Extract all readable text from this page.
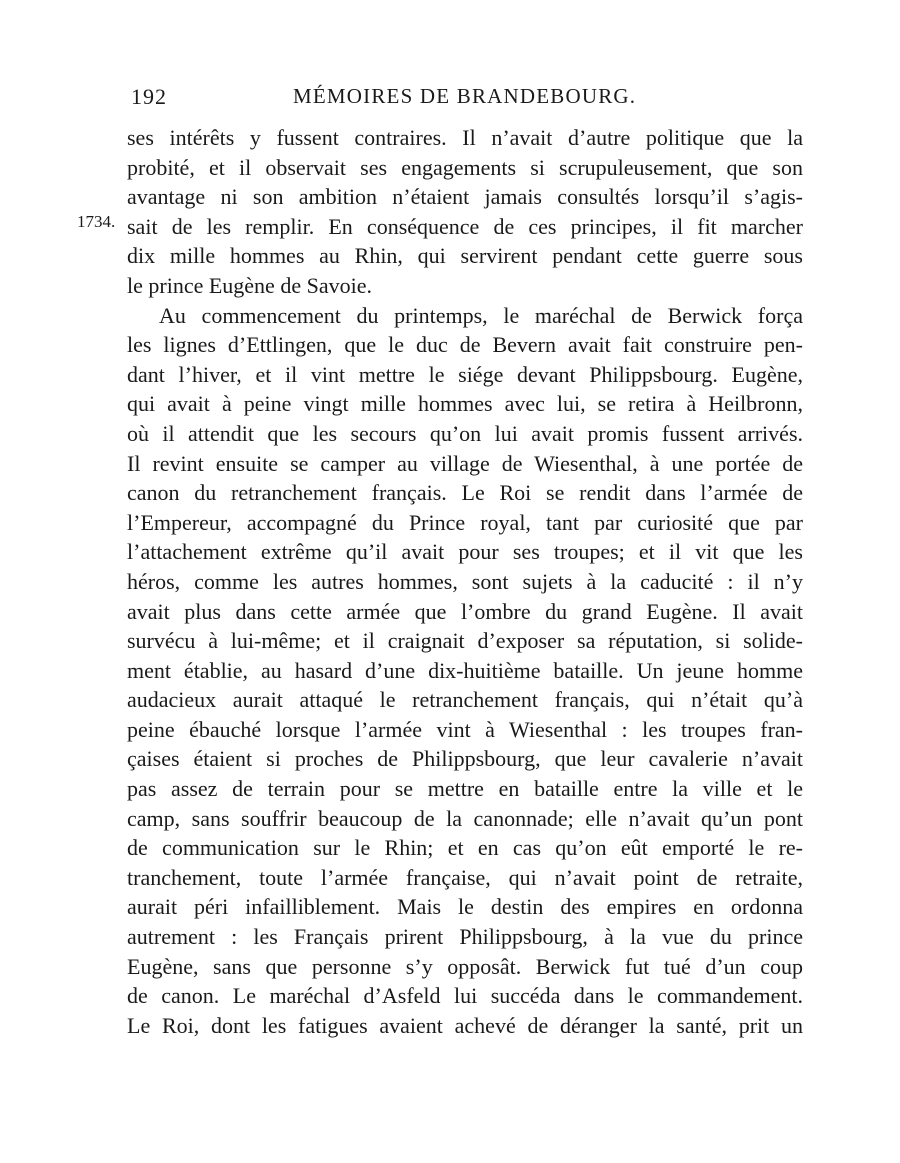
192	MÉMOIRES DE BRANDEBOURG.
1734.
ses intérêts y fussent contraires. Il n’avait d’autre politique que la
probité, et il observait ses engagements si scrupuleusement, que son
avantage ni son ambition n’étaient jamais consultés lorsqu’il s’agis-
sait de les remplir. En conséquence de ces principes, il fit marcher
dix mille hommes au Rhin, qui servirent pendant cette guerre sous
le prince Eugène de Savoie.
Au commencement du printemps, le maréchal de Berwick força
les lignes d’Ettlingen, que le duc de Bevern avait fait construire pen-
dant l’hiver, et il vint mettre le siége devant Philippsbourg. Eugène,
qui avait à peine vingt mille hommes avec lui, se retira à Heilbronn,
où il attendit que les secours qu’on lui avait promis fussent arrivés.
Il revint ensuite se camper au village de Wiesenthal, à une portée de
canon du retranchement français. Le Roi se rendit dans l’armée de
l’Empereur, accompagné du Prince royal, tant par curiosité que par
l’attachement extrême qu’il avait pour ses troupes; et il vit que les
héros, comme les autres hommes, sont sujets à la caducité : il n’y
avait plus dans cette armée que l’ombre du grand Eugène. Il avait
survécu à lui-même; et il craignait d’exposer sa réputation, si solide-
ment établie, au hasard d’une dix-huitième bataille. Un jeune homme
audacieux aurait attaqué le retranchement français, qui n’était qu’à
peine ébauché lorsque l’armée vint à Wiesenthal : les troupes fran-
çaises étaient si proches de Philippsbourg, que leur cavalerie n’avait
pas assez de terrain pour se mettre en bataille entre la ville et le
camp, sans souffrir beaucoup de la canonnade; elle n’avait qu’un pont
de communication sur le Rhin; et en cas qu’on eût emporté le re-
tranchement, toute l’armée française, qui n’avait point de retraite,
aurait péri infailliblement. Mais le destin des empires en ordonna
autrement : les Français prirent Philippsbourg, à la vue du prince
Eugène, sans que personne s’y opposât. Berwick fut tué d’un coup
de canon. Le maréchal d’Asfeld lui succéda dans le commandement.
Le Roi, dont les fatigues avaient achevé de déranger la santé, prit un
